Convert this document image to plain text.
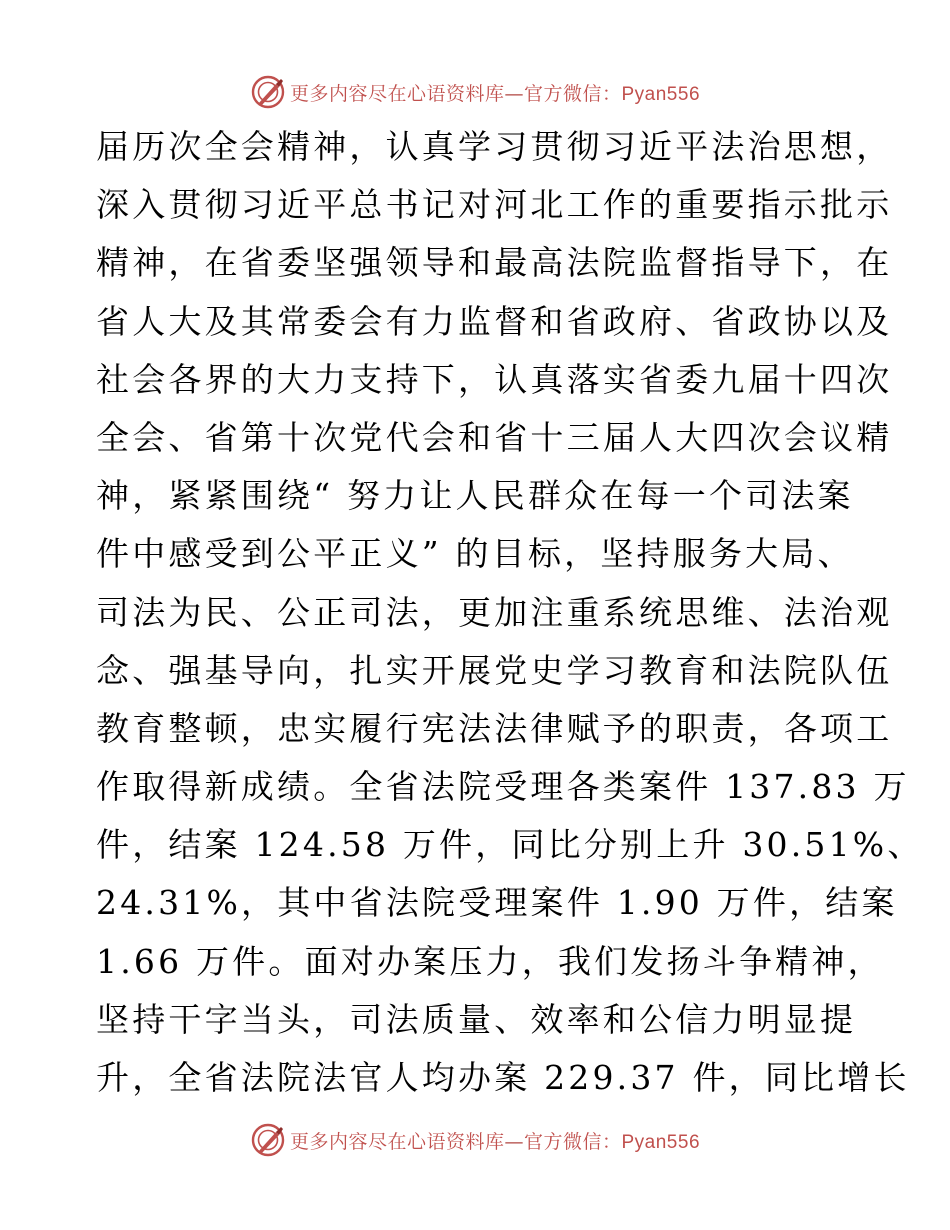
更多内容尽在心语资料库—官方微信：Pyan556
届历次全会精神，认真学习贯彻习近平法治思想，
深入贯彻习近平总书记对河北工作的重要指示批示
精神，在省委坚强领导和最高法院监督指导下，在
省人大及其常委会有力监督和省政府、省政协以及
社会各界的大力支持下，认真落实省委九届十四次
全会、省第十次党代会和省十三届人大四次会议精
神，紧紧围绕“ 努力让人民群众在每一个司法案
件中感受到公平正义” 的目标，坚持服务大局、
司法为民、公正司法，更加注重系统思维、法治观
念、强基导向，扎实开展党史学习教育和法院队伍
教育整顿，忠实履行宪法法律赋予的职责，各项工
作取得新成绩。全省法院受理各类案件 137.83 万
件，结案 124.58 万件，同比分别上升 30.51%、
24.31%，其中省法院受理案件 1.90 万件，结案
1.66 万件。面对办案压力，我们发扬斗争精神，
坚持干字当头，司法质量、效率和公信力明显提
升，全省法院法官人均办案 229.37 件，同比增长
更多内容尽在心语资料库—官方微信：Pyan556
